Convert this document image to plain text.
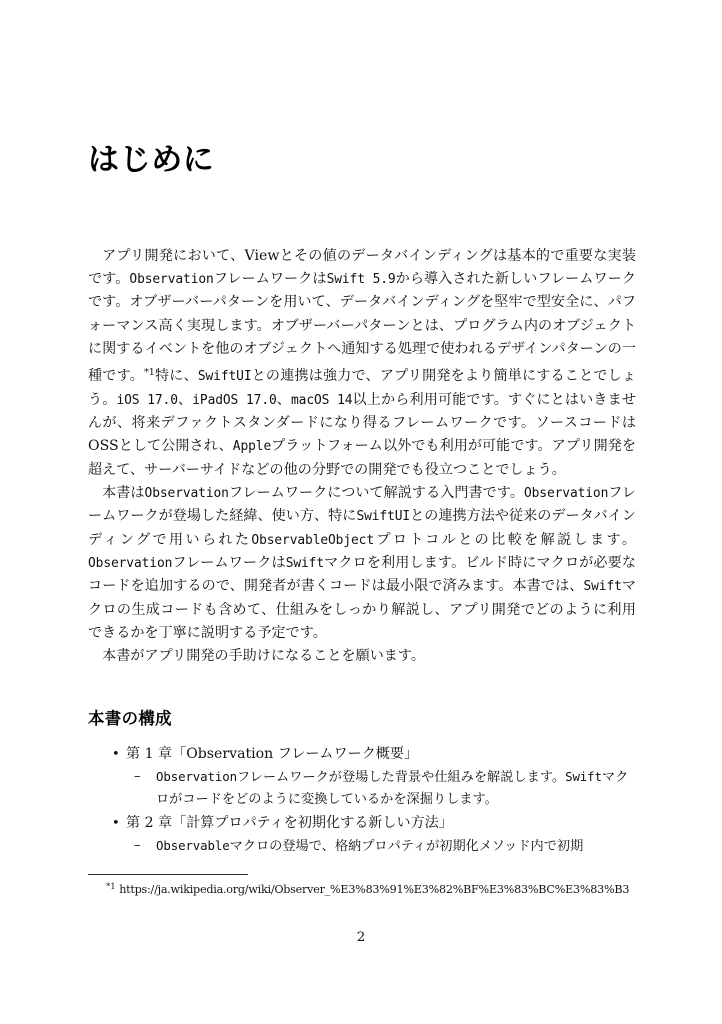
はじめに

アプリ開発において、Viewとその値のデータバインディングは基本的で重要な実装です。ObservationフレームワークはSwift 5.9から導入された新しいフレームワークです。オブザーバーパターンを用いて、データバインディングを堅牢で型安全に、パフォーマンス高く実現します。オブザーバーパターンとは、プログラム内のオブジェクトに関するイベントを他のオブジェクトへ通知する処理で使われるデザインパターンの一種です。$^{*1}$特に、SwiftUIとの連携は強力で、アプリ開発をより簡単にすることでしょう。iOS 17.0、iPadOS 17.0、macOS 14以上から利用可能です。すぐにとはいきませんが、将来デファクトスタンダードになり得るフレームワークです。ソースコードはOSSとして公開され、Appleプラットフォーム以外でも利用が可能です。アプリ開発を超えて、サーバーサイドなどの他の分野での開発でも役立つことでしょう。

本書はObservationフレームワークについて解説する入門書です。Observationフレームワークが登場した経緯、使い方、特にSwiftUIとの連携方法や従来のデータバインディングで用いられたObservableObjectプロトコルとの比較を解説します。ObservationフレームワークはSwiftマクロを利用します。ビルド時にマクロが必要なコードを追加するので、開発者が書くコードは最小限で済みます。本書では、Swiftマクロの生成コードも含めて、仕組みをしっかり解説し、アプリ開発でどのように利用できるかを丁寧に説明する予定です。

本書がアプリ開発の手助けになることを願います。

本書の構成
• 第 1 章「Observation フレームワーク概要」
– Observationフレームワークが登場した背景や仕組みを解説します。Swiftマクロがコードをどのように変換しているかを深掘りします。
• 第 2 章「計算プロパティを初期化する新しい方法」
– Observableマクロの登場で、格納プロパティが初期化メソッド内で初期
$^{*1}$ https://ja.wikipedia.org/wiki/Observer_%E3%83%91%E3%82%BF%E3%83%BC%E3%83%B3
2
